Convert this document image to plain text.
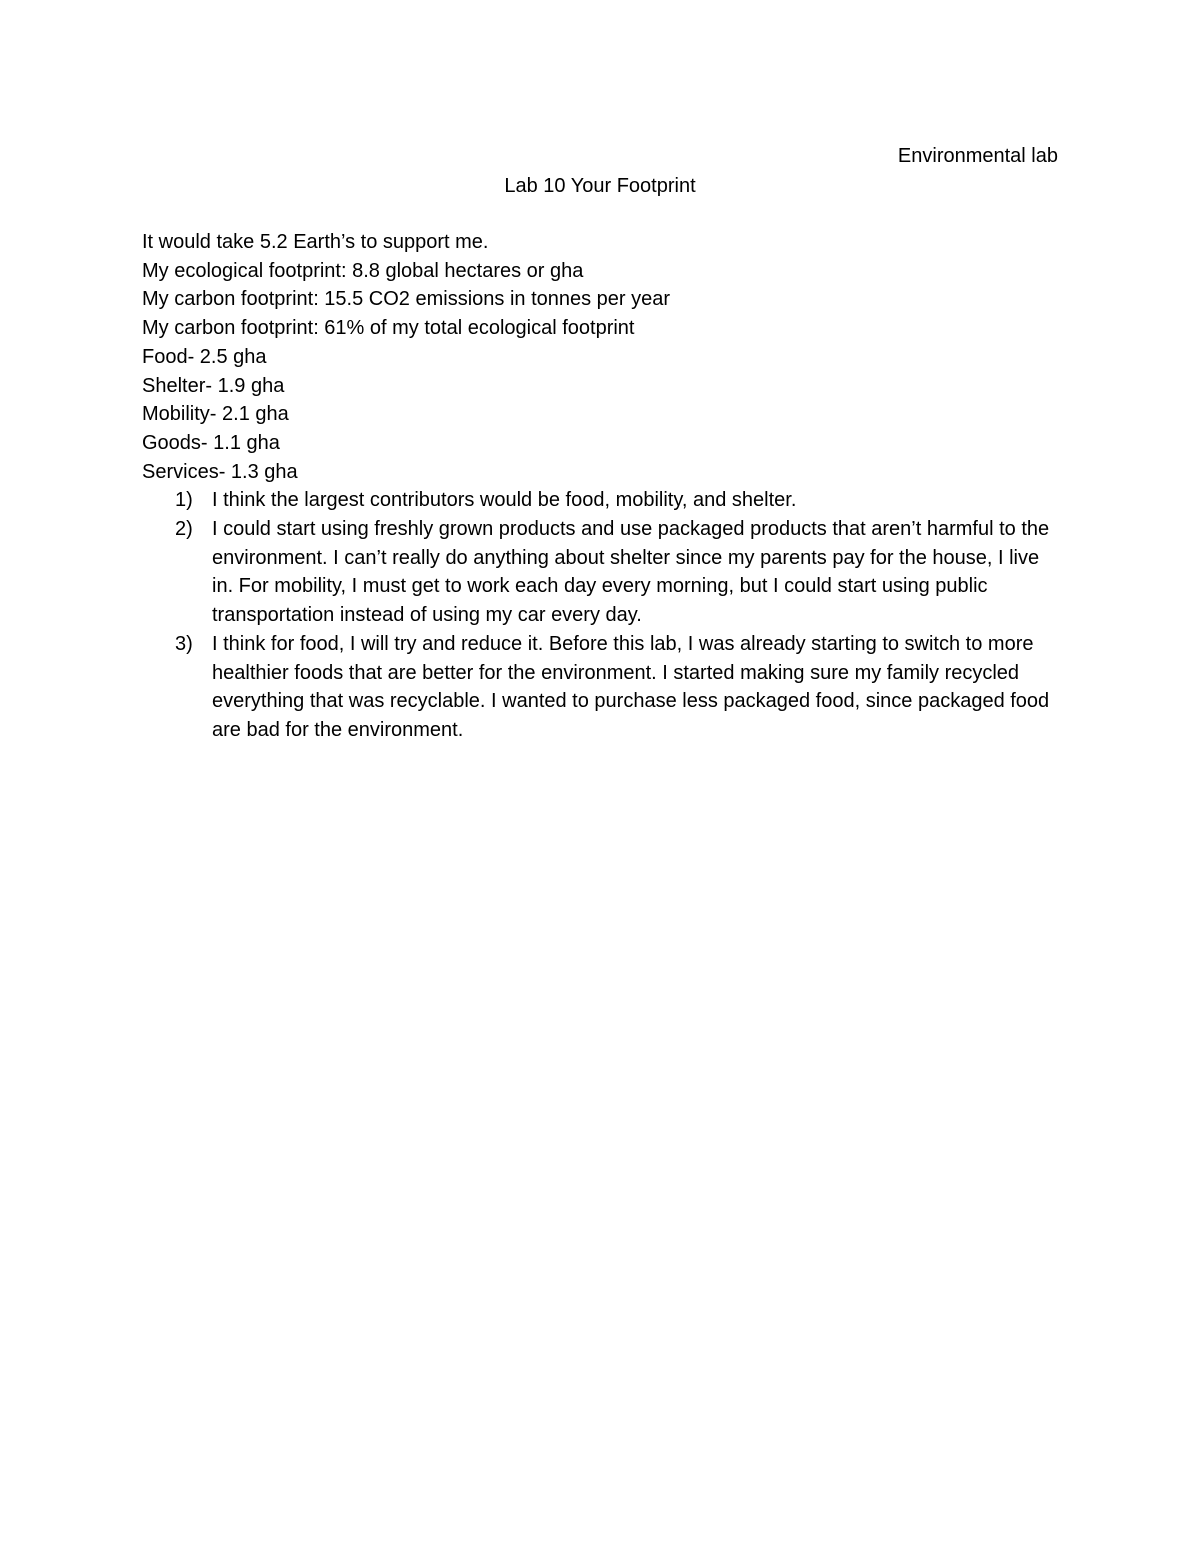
Environmental lab
Lab 10 Your Footprint
It would take 5.2 Earth’s to support me.
My ecological footprint: 8.8 global hectares or gha
My carbon footprint: 15.5 CO2 emissions in tonnes per year
My carbon footprint: 61% of my total ecological footprint
Food- 2.5 gha
Shelter- 1.9 gha
Mobility- 2.1 gha
Goods- 1.1 gha
Services- 1.3 gha
1) I think the largest contributors would be food, mobility, and shelter.
2) I could start using freshly grown products and use packaged products that aren’t harmful to the environment. I can’t really do anything about shelter since my parents pay for the house, I live in. For mobility, I must get to work each day every morning, but I could start using public transportation instead of using my car every day.
3) I think for food, I will try and reduce it. Before this lab, I was already starting to switch to more healthier foods that are better for the environment. I started making sure my family recycled everything that was recyclable. I wanted to purchase less packaged food, since packaged food are bad for the environment.
